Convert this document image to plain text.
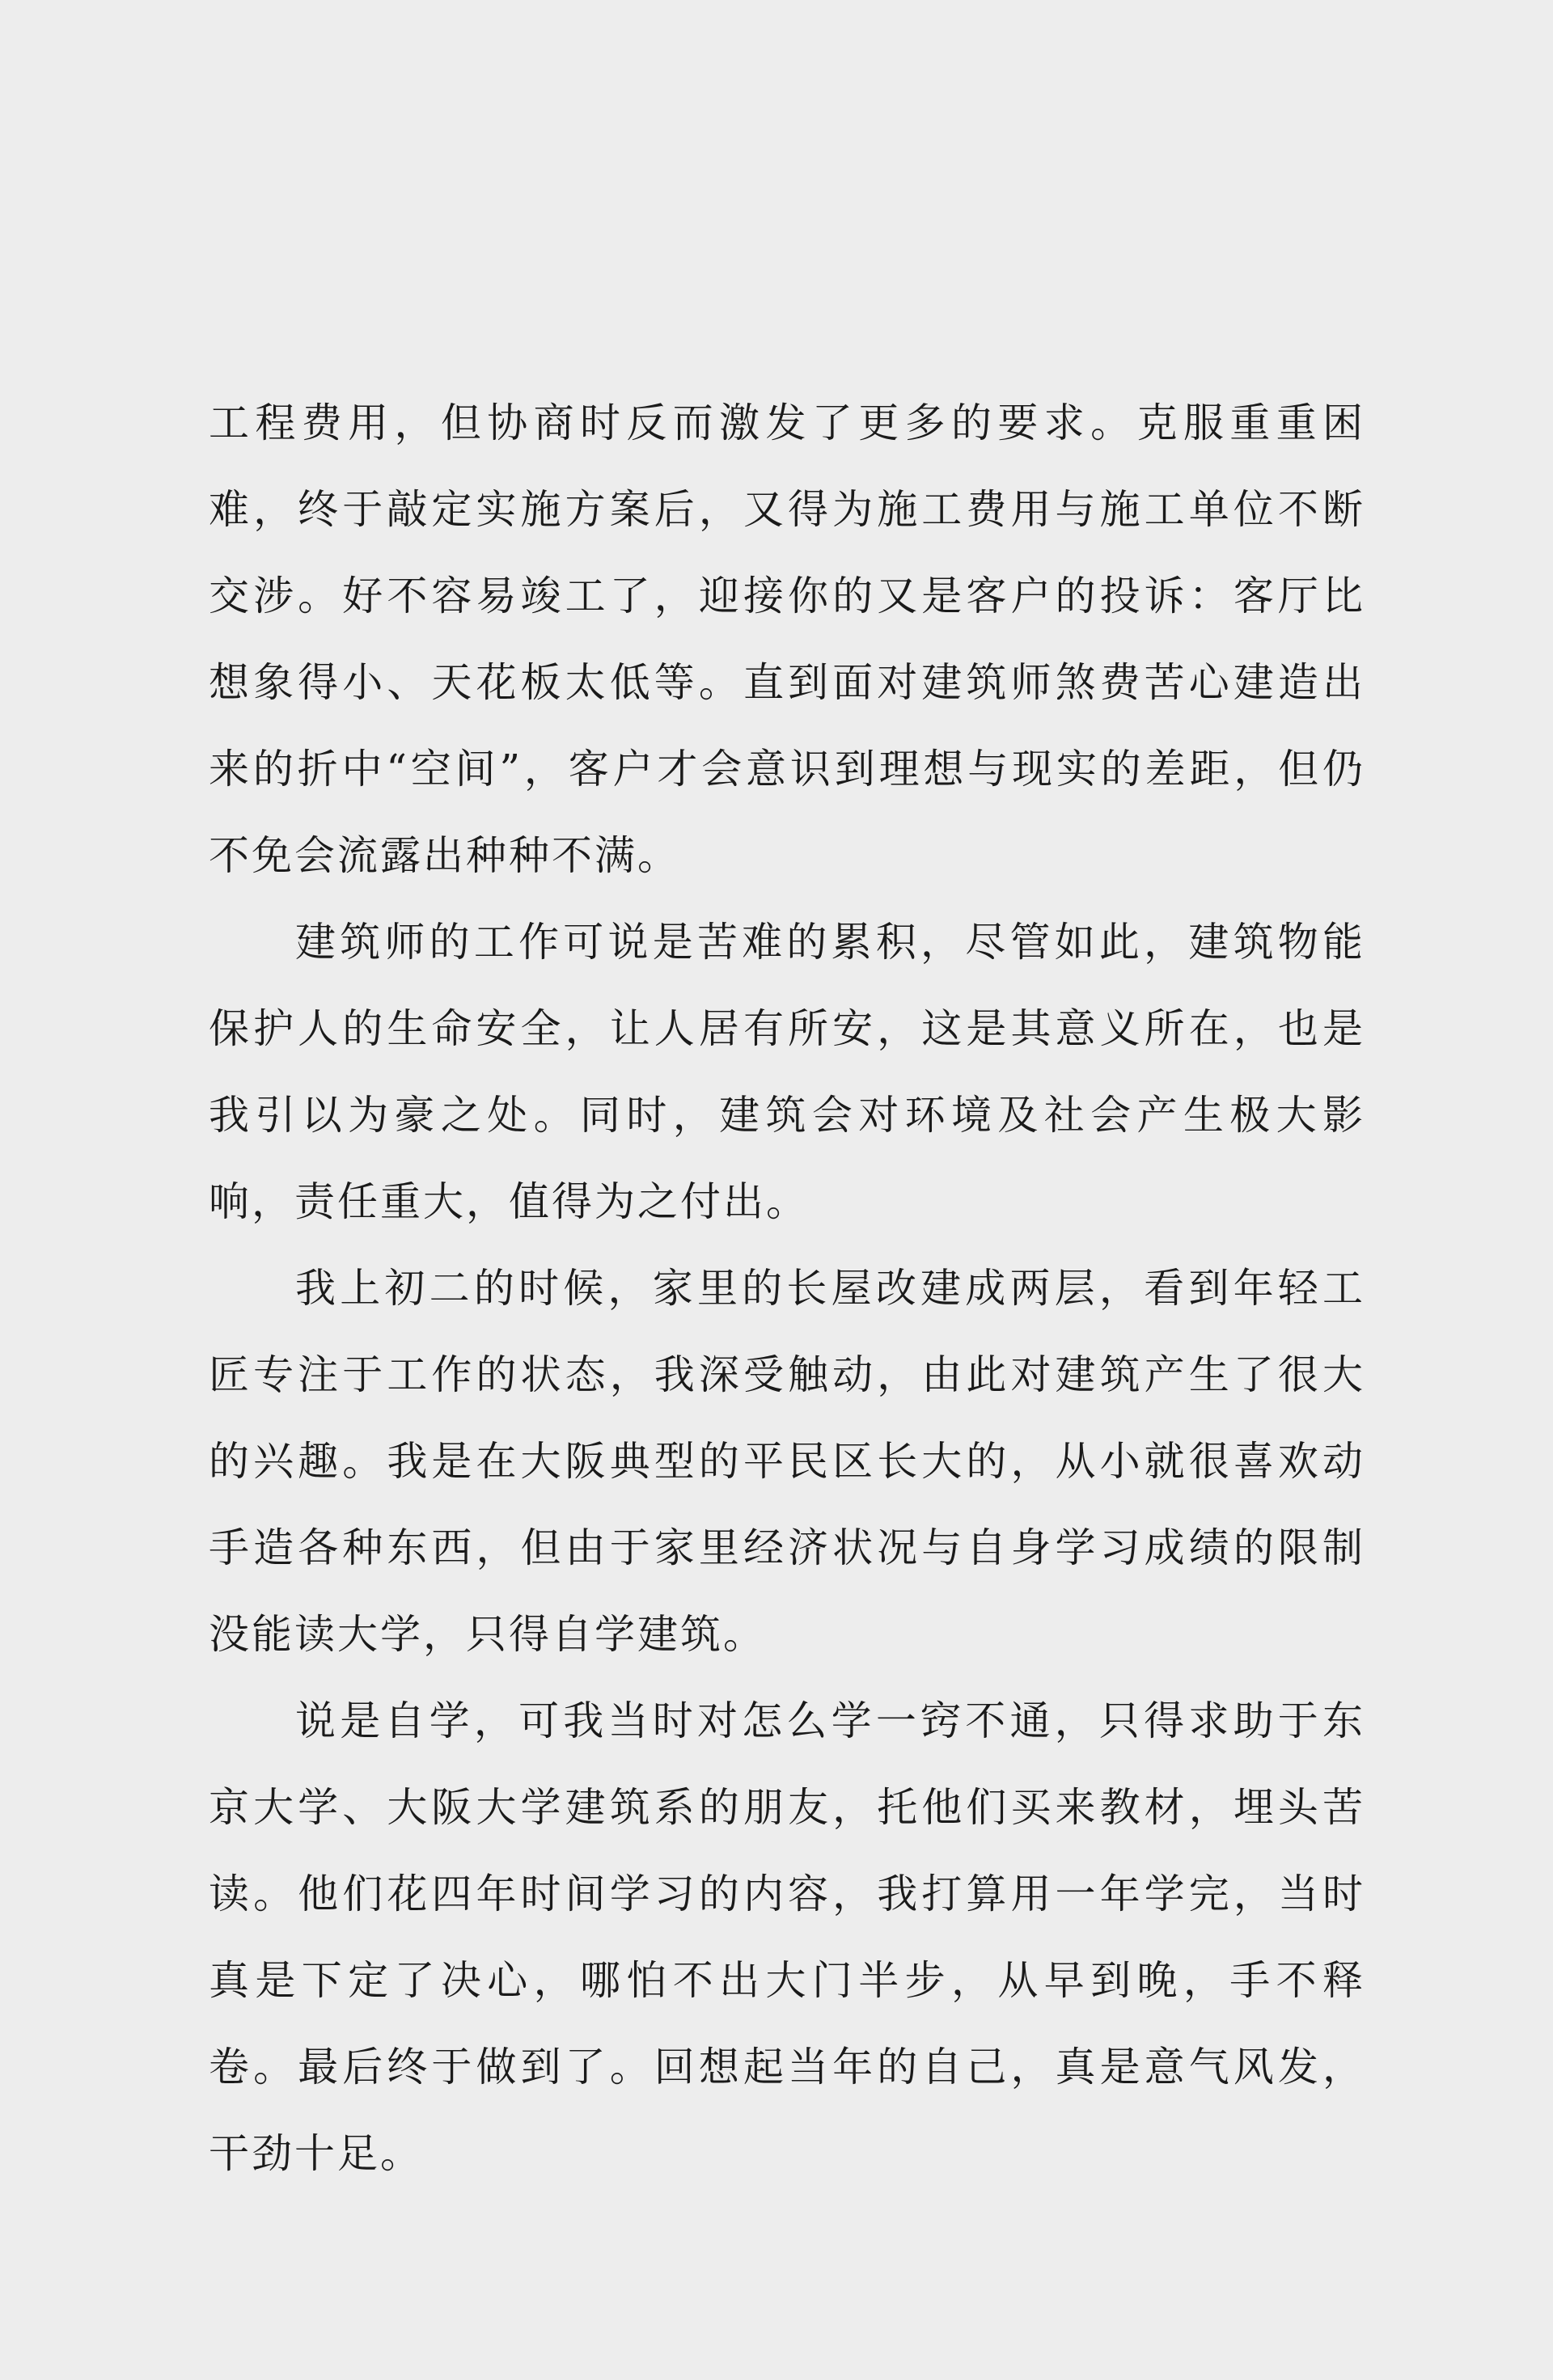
工程费用，但协商时反而激发了更多的要求。克服重重困难，终于敲定实施方案后，又得为施工费用与施工单位不断交涉。好不容易竣工了，迎接你的又是客户的投诉：客厅比想象得小、天花板太低等。直到面对建筑师煞费苦心建造出来的折中“空间”，客户才会意识到理想与现实的差距，但仍不免会流露出种种不满。

建筑师的工作可说是苦难的累积，尽管如此，建筑物能保护人的生命安全，让人居有所安，这是其意义所在，也是我引以为豪之处。同时，建筑会对环境及社会产生极大影响，责任重大，值得为之付出。

我上初二的时候，家里的长屋改建成两层，看到年轻工匠专注于工作的状态，我深受触动，由此对建筑产生了很大的兴趣。我是在大阪典型的平民区长大的，从小就很喜欢动手造各种东西，但由于家里经济状况与自身学习成绩的限制没能读大学，只得自学建筑。

说是自学，可我当时对怎么学一窍不通，只得求助于东京大学、大阪大学建筑系的朋友，托他们买来教材，埋头苦读。他们花四年时间学习的内容，我打算用一年学完，当时真是下定了决心，哪怕不出大门半步，从早到晚，手不释卷。最后终于做到了。回想起当年的自己，真是意气风发，干劲十足。
